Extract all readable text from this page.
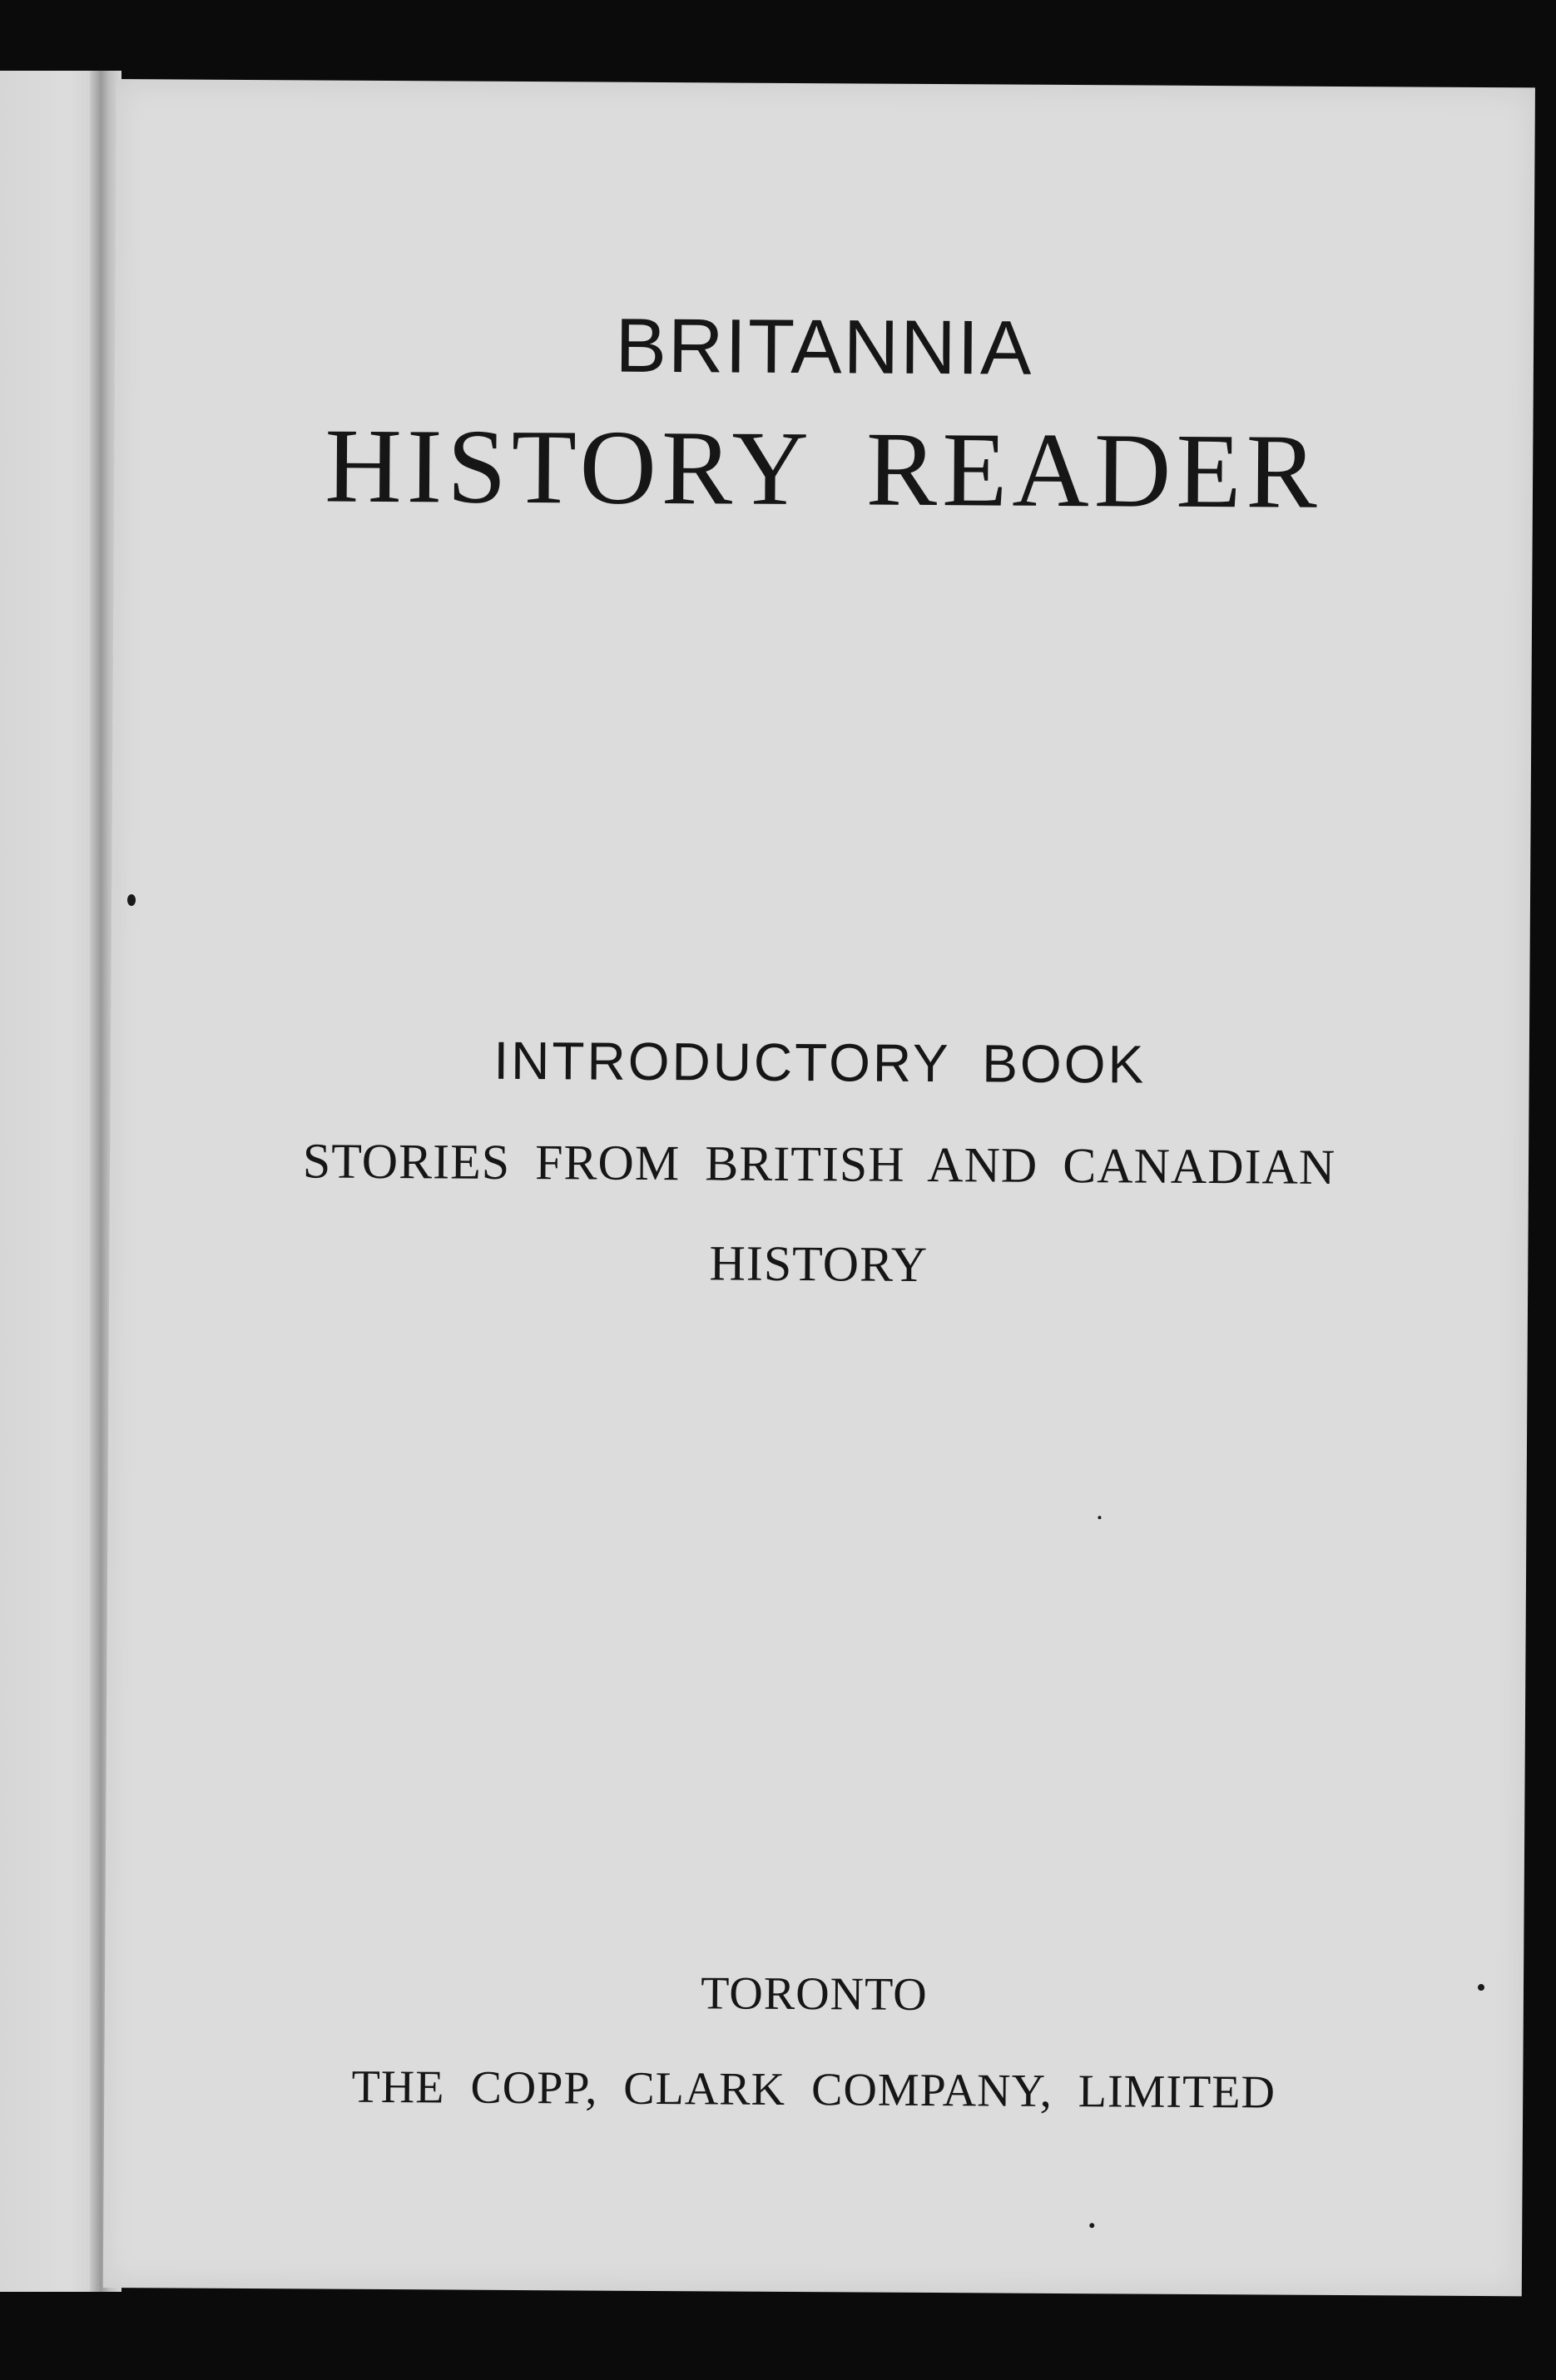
BRITANNIA

HISTORY READER

INTRODUCTORY BOOK

STORIES FROM BRITISH AND CANADIAN

HISTORY

TORONTO

THE COPP, CLARK COMPANY, LIMITED
